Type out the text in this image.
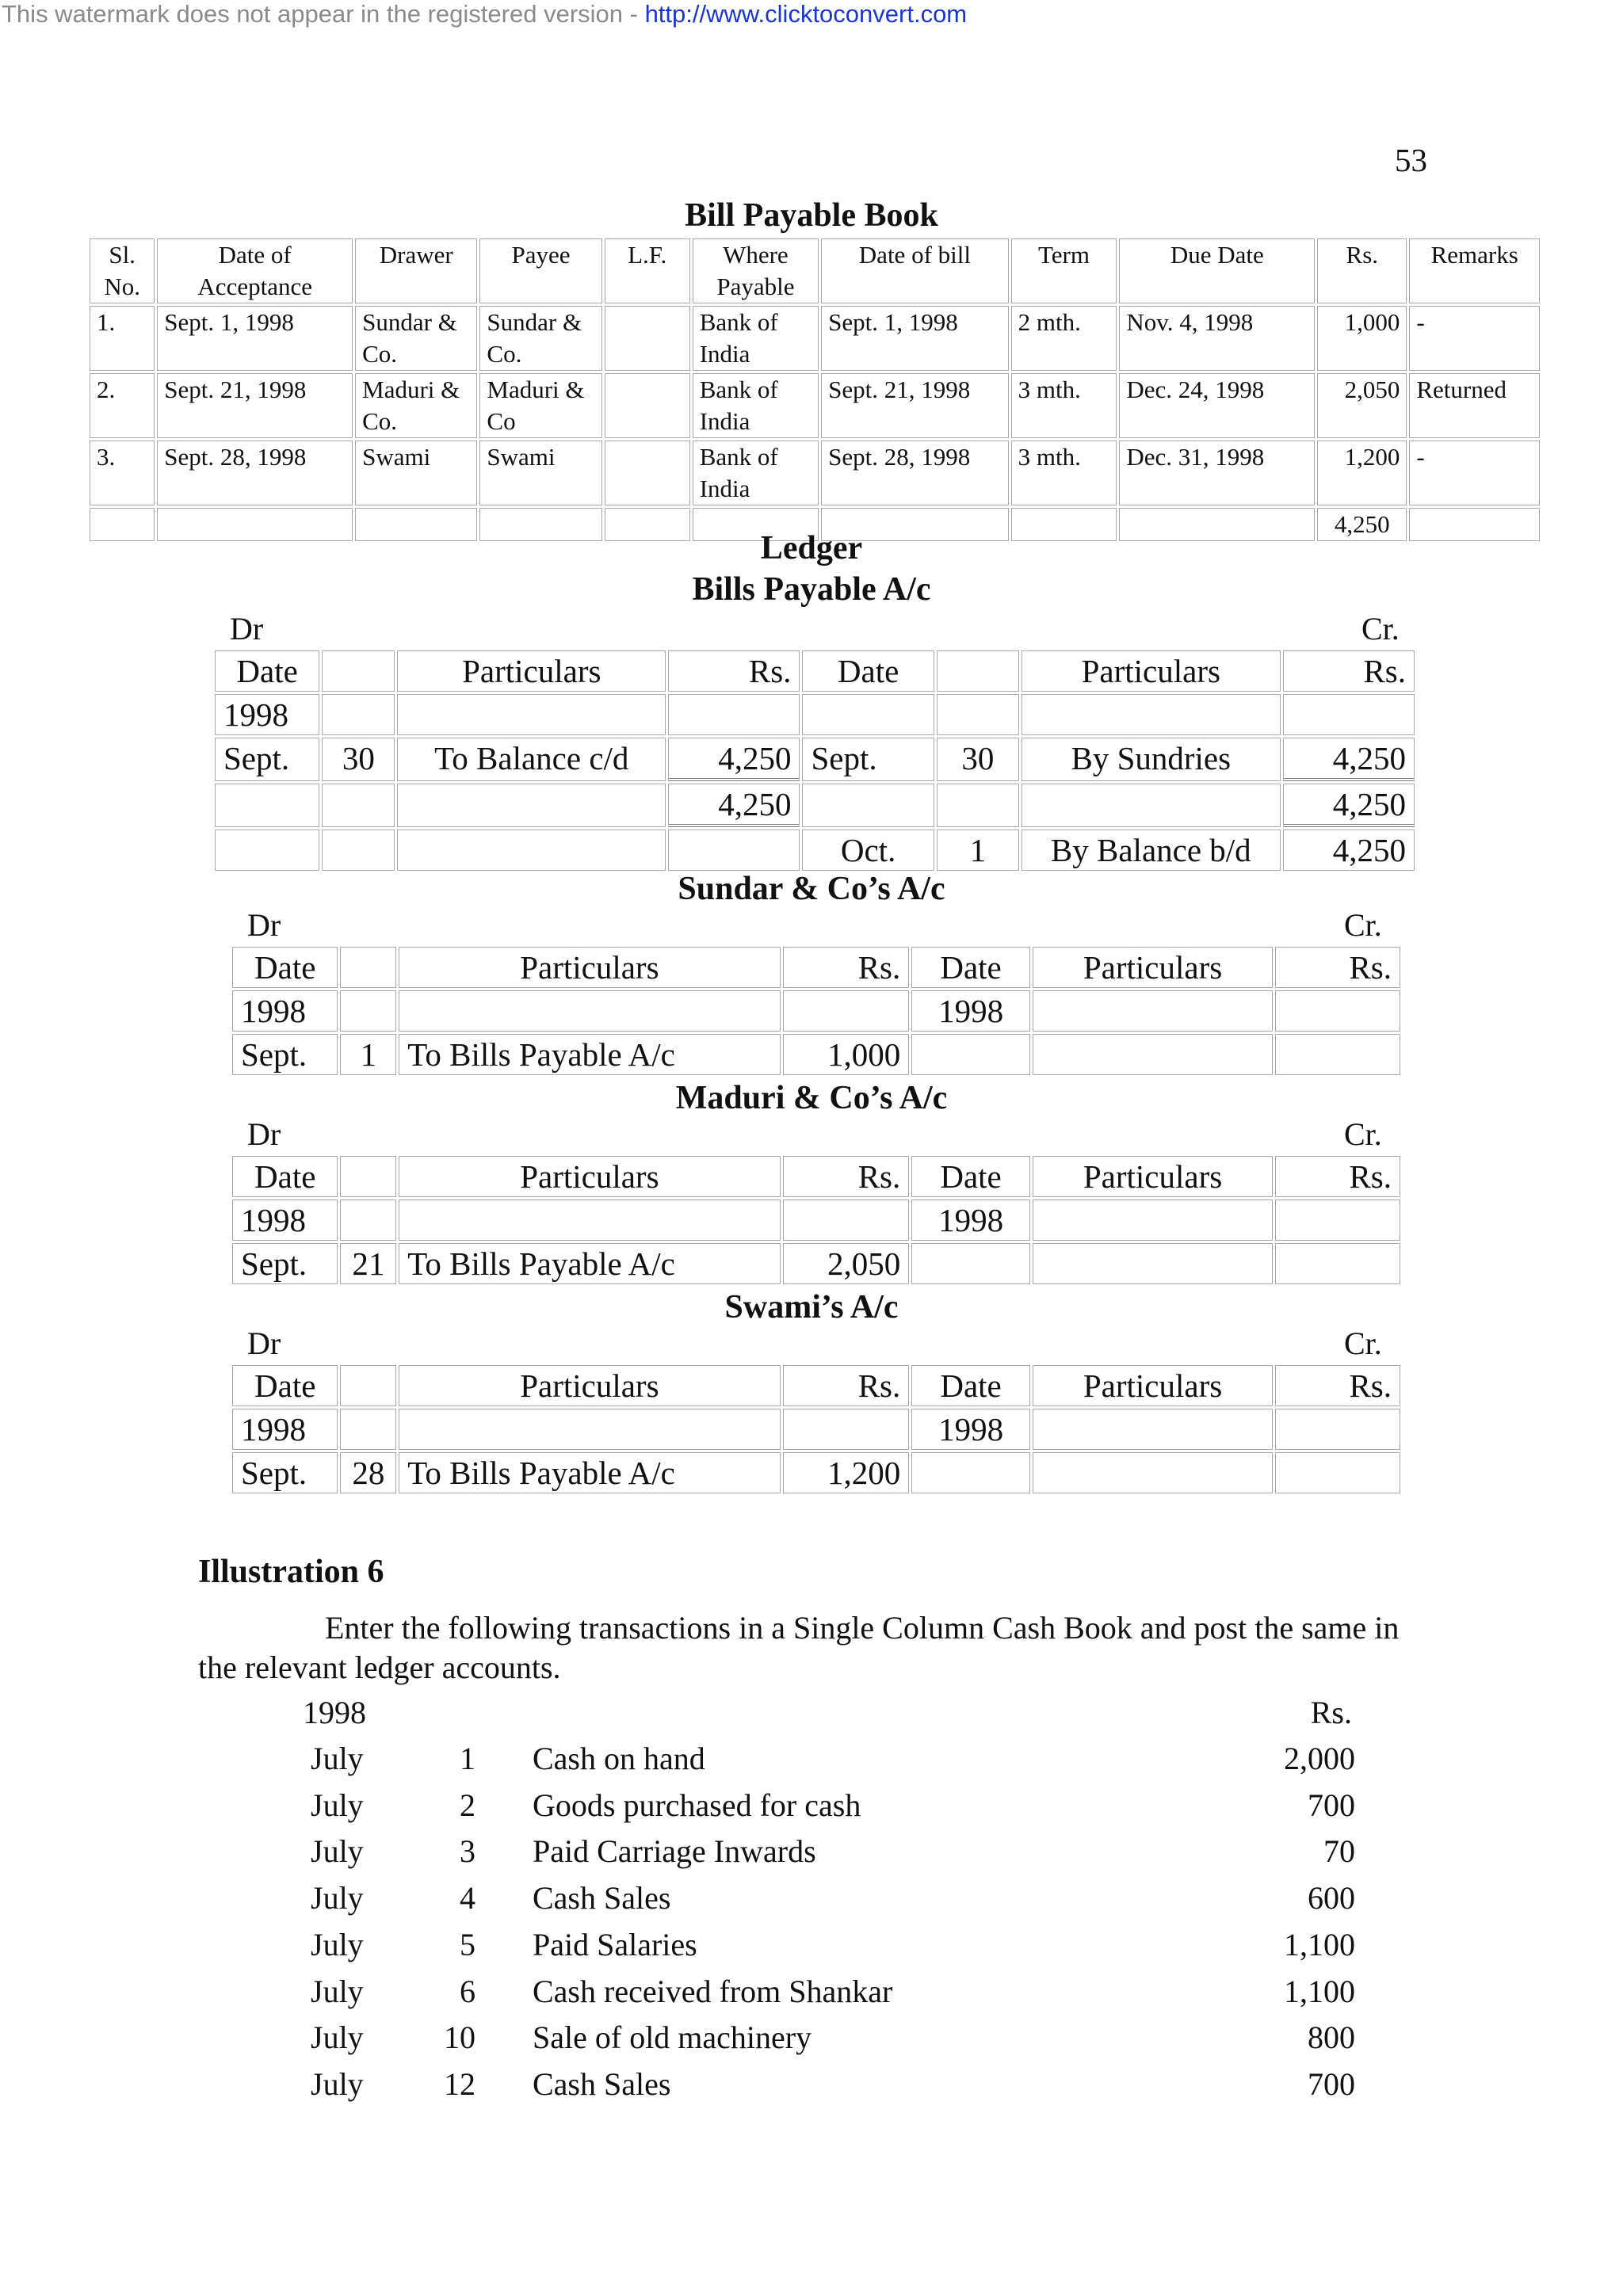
This watermark does not appear in the registered version - http://www.clicktoconvert.com
53
Bill Payable Book
Sl. No.	Date of Acceptance	Drawer	Payee	L.F.	Where Payable	Date of bill	Term	Due Date	Rs.	Remarks
1.	Sept. 1, 1998	Sundar & Co.	Sundar & Co.		Bank of India	Sept. 1, 1998	2 mth.	Nov. 4, 1998	1,000	-
2.	Sept. 21, 1998	Maduri & Co.	Maduri & Co		Bank of India	Sept. 21, 1998	3 mth.	Dec. 24, 1998	2,050	Returned
3.	Sept. 28, 1998	Swami	Swami		Bank of India	Sept. 28, 1998	3 mth.	Dec. 31, 1998	1,200	-
									4,250	
Ledger
Bills Payable A/c
Dr	Cr.
Date		Particulars	Rs.	Date		Particulars	Rs.
1998							
Sept.	30	To Balance c/d	4,250	Sept.	30	By Sundries	4,250
			4,250				4,250
				Oct.	1	By Balance b/d	4,250
Sundar & Co’s A/c
Dr	Cr.
Date		Particulars	Rs.	Date	Particulars	Rs.
1998				1998		
Sept.	1	To Bills Payable A/c	1,000			
Maduri & Co’s A/c
Dr	Cr.
Date		Particulars	Rs.	Date	Particulars	Rs.
1998				1998		
Sept.	21	To Bills Payable A/c	2,050			
Swami’s A/c
Dr	Cr.
Date		Particulars	Rs.	Date	Particulars	Rs.
1998				1998		
Sept.	28	To Bills Payable A/c	1,200			
Illustration 6
Enter the following transactions in a Single Column Cash Book and post the same in the relevant ledger accounts.
1998	Rs.
July	1 Cash on hand	2,000
July	2 Goods purchased for cash	700
July	3 Paid Carriage Inwards	70
July	4 Cash Sales	600
July	5 Paid Salaries	1,100
July	6 Cash received from Shankar	1,100
July	10 Sale of old machinery	800
July	12 Cash Sales	700
